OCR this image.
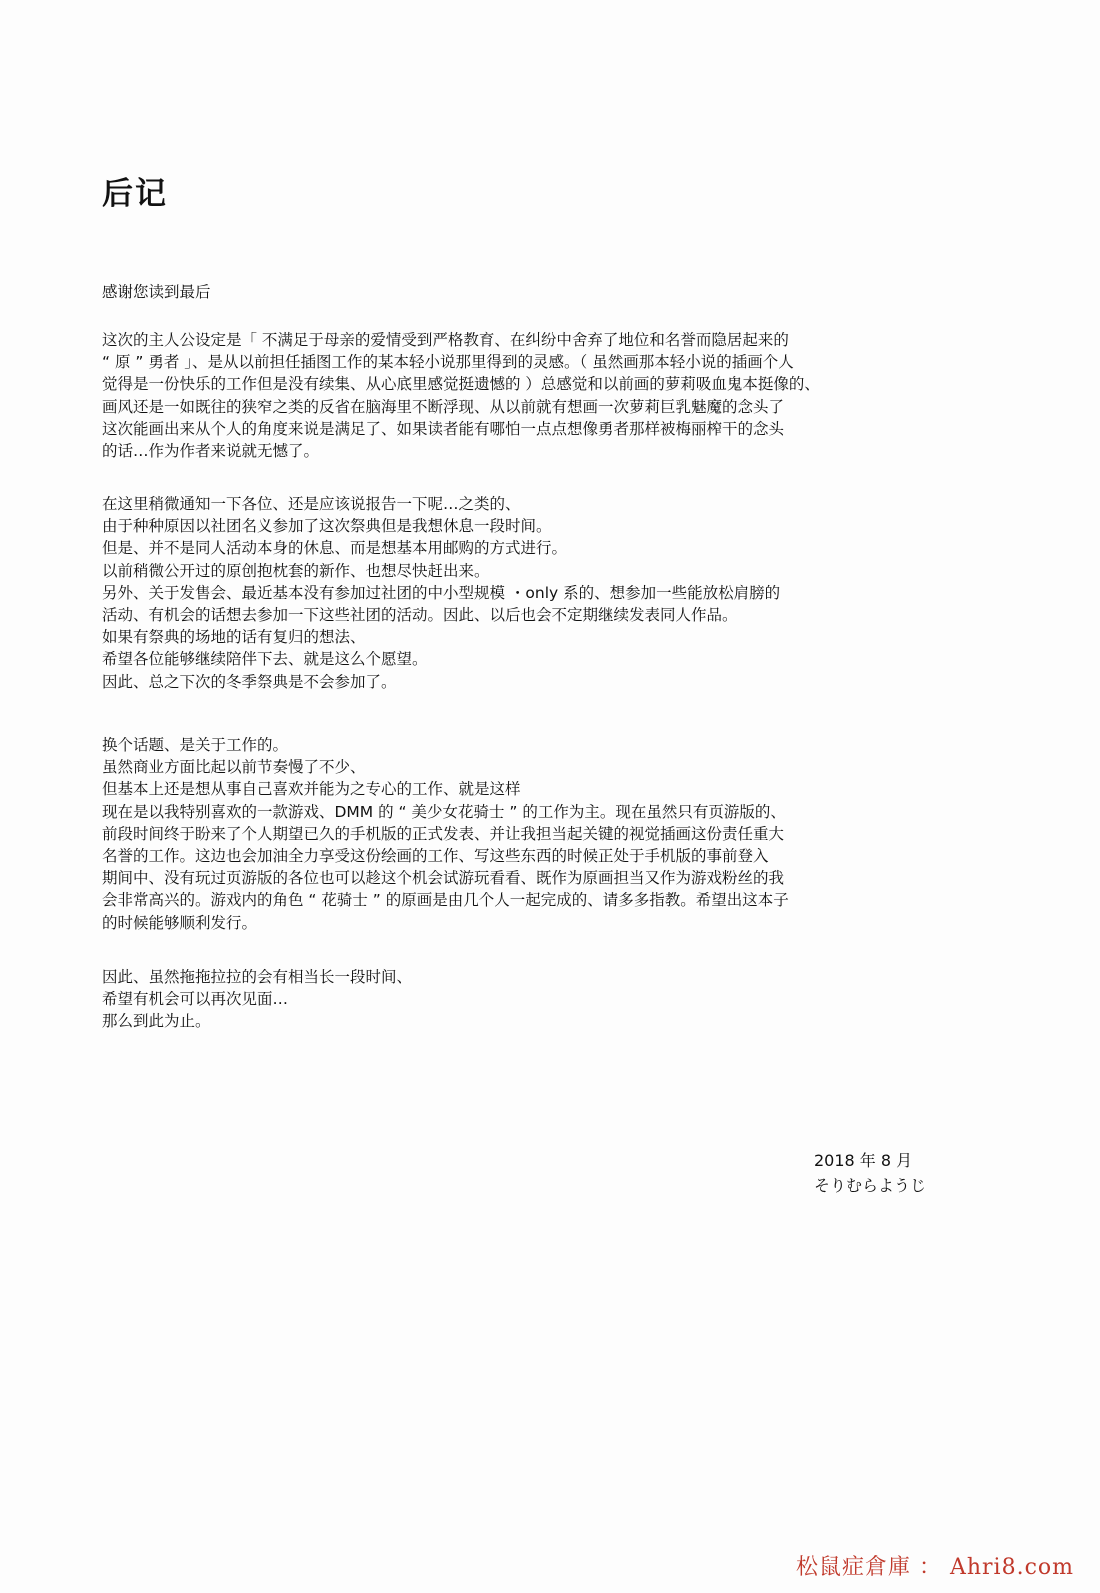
后记
感谢您读到最后
这次的主人公设定是「 不满足于母亲的爱情受到严格教育、在纠纷中舍弃了地位和名誉而隐居起来的
“ 原 ” 勇者 」、是从以前担任插图工作的某本轻小说那里得到的灵感。（ 虽然画那本轻小说的插画个人
觉得是一份快乐的工作但是没有续集、从心底里感觉挺遗憾的 ）总感觉和以前画的萝莉吸血鬼本挺像的、
画风还是一如既往的狭窄之类的反省在脑海里不断浮现、从以前就有想画一次萝莉巨乳魅魔的念头了
这次能画出来从个人的角度来说是满足了、如果读者能有哪怕一点点想像勇者那样被梅丽榨干的念头
的话…作为作者来说就无憾了。
在这里稍微通知一下各位、还是应该说报告一下呢…之类的、
由于种种原因以社团名义参加了这次祭典但是我想休息一段时间。
但是、并不是同人活动本身的休息、而是想基本用邮购的方式进行。
以前稍微公开过的原创抱枕套的新作、也想尽快赶出来。
另外、关于发售会、最近基本没有参加过社团的中小型规模 ・only 系的、想参加一些能放松肩膀的
活动、有机会的话想去参加一下这些社团的活动。因此、以后也会不定期继续发表同人作品。
如果有祭典的场地的话有复归的想法、
希望各位能够继续陪伴下去、就是这么个愿望。
因此、总之下次的冬季祭典是不会参加了。
换个话题、是关于工作的。
虽然商业方面比起以前节奏慢了不少、
但基本上还是想从事自己喜欢并能为之专心的工作、就是这样
现在是以我特别喜欢的一款游戏、DMM 的 “ 美少女花骑士 ” 的工作为主。现在虽然只有页游版的、
前段时间终于盼来了个人期望已久的手机版的正式发表、并让我担当起关键的视觉插画这份责任重大
名誉的工作。这边也会加油全力享受这份绘画的工作、写这些东西的时候正处于手机版的事前登入
期间中、没有玩过页游版的各位也可以趁这个机会试游玩看看、既作为原画担当又作为游戏粉丝的我
会非常高兴的。游戏内的角色 “ 花骑士 ” 的原画是由几个人一起完成的、请多多指教。希望出这本子
的时候能够顺利发行。
因此、虽然拖拖拉拉的会有相当长一段时间、
希望有机会可以再次见面…
那么到此为止。
2018 年 8 月
そりむらようじ
松鼠症倉庫 ： Ahri8.com
